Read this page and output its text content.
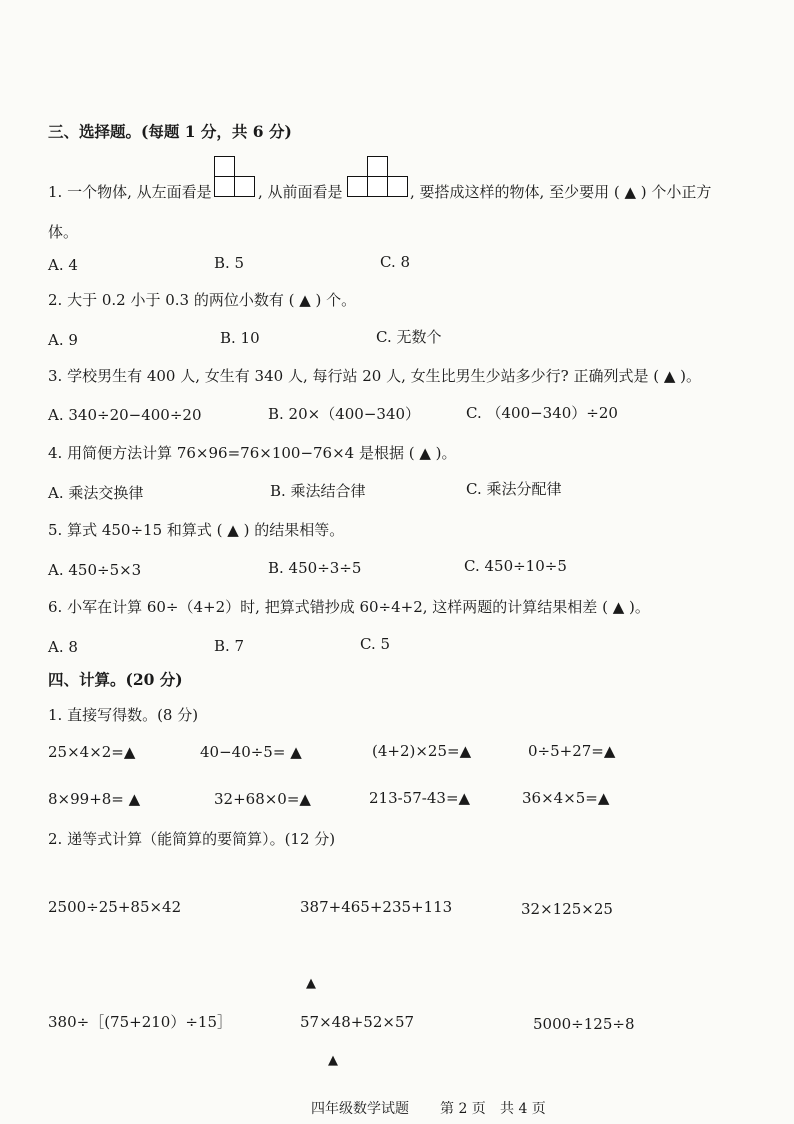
三、选择题。(每题 1 分，共 6 分)
1. 一个物体, 从左面看是	, 从前面看是	, 要搭成这样的物体, 至少要用 ( ▲ ) 个小正方
体。
A. 4	B. 5	C. 8
2. 大于 0.2 小于 0.3 的两位小数有 ( ▲ ) 个。
A. 9	B. 10	C. 无数个
3. 学校男生有 400 人, 女生有 340 人, 每行站 20 人, 女生比男生少站多少行? 正确列式是 ( ▲ )。
A. 340÷20−400÷20	B. 20×（400−340）	C. （400−340）÷20
4. 用简便方法计算 76×96=76×100−76×4 是根据 ( ▲ )。
A. 乘法交换律	B. 乘法结合律	C. 乘法分配律
5. 算式 450÷15 和算式 ( ▲ ) 的结果相等。
A. 450÷5×3	B. 450÷3÷5	C. 450÷10÷5
6. 小军在计算 60÷（4+2）时, 把算式错抄成 60÷4+2, 这样两题的计算结果相差 ( ▲ )。
A. 8	B. 7	C. 5
四、计算。(20 分)
1. 直接写得数。(8 分)
25×4×2=▲	40−40÷5= ▲	(4+2)×25=▲	0÷5+27=▲
8×99+8= ▲	32+68×0=▲	213-57-43=▲	36×4×5=▲
2. 递等式计算（能简算的要简算）。(12 分)
2500÷25+85×42	387+465+235+113	32×125×25
▲
380÷［(75+210）÷15］	57×48+52×57	5000÷125÷8
▲
四年级数学试题 第 2 页 共 4 页
